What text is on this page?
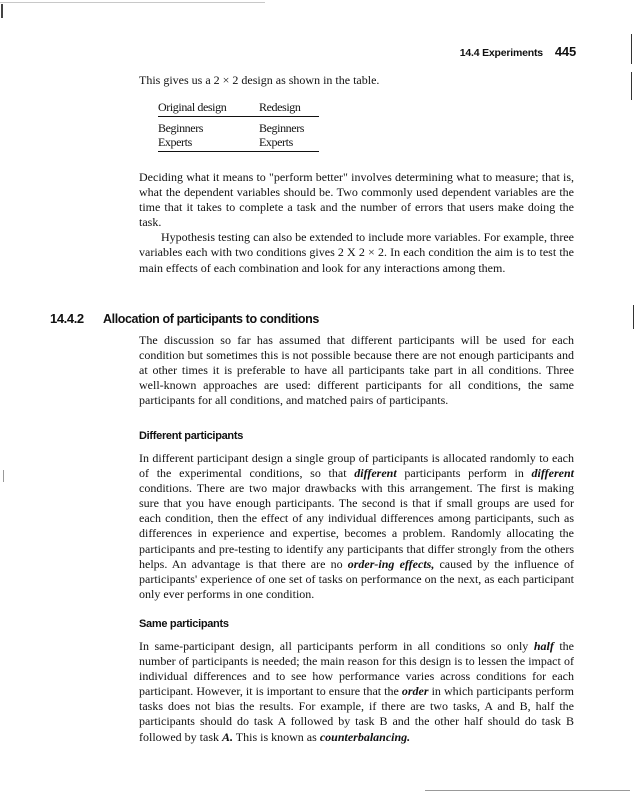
14.4 Experiments 445

This gives us a 2 × 2 design as shown in the table.

Original design	Redesign
Beginners	Beginners
Experts	Experts

Deciding what it means to "perform better" involves determining what to measure; that is, what the dependent variables should be. Two commonly used dependent variables are the time that it takes to complete a task and the number of errors that users make doing the task.

Hypothesis testing can also be extended to include more variables. For example, three variables each with two conditions gives 2 X 2 × 2. In each condition the aim is to test the main effects of each combination and look for any interactions among them.

14.4.2 Allocation of participants to conditions

The discussion so far has assumed that different participants will be used for each condition but sometimes this is not possible because there are not enough participants and at other times it is preferable to have all participants take part in all conditions. Three well-known approaches are used: different participants for all conditions, the same participants for all conditions, and matched pairs of participants.

Different participants

In different participant design a single group of participants is allocated randomly to each of the experimental conditions, so that different participants perform in different conditions. There are two major drawbacks with this arrangement. The first is making sure that you have enough participants. The second is that if small groups are used for each condition, then the effect of any individual differences among participants, such as differences in experience and expertise, becomes a problem. Randomly allocating the participants and pre-testing to identify any participants that differ strongly from the others helps. An advantage is that there are no order-ing effects, caused by the influence of participants' experience of one set of tasks on performance on the next, as each participant only ever performs in one condition.

Same participants

In same-participant design, all participants perform in all conditions so only half the number of participants is needed; the main reason for this design is to lessen the impact of individual differences and to see how performance varies across conditions for each participant. However, it is important to ensure that the order in which participants perform tasks does not bias the results. For example, if there are two tasks, A and B, half the participants should do task A followed by task B and the other half should do task B followed by task A. This is known as counterbalancing.
